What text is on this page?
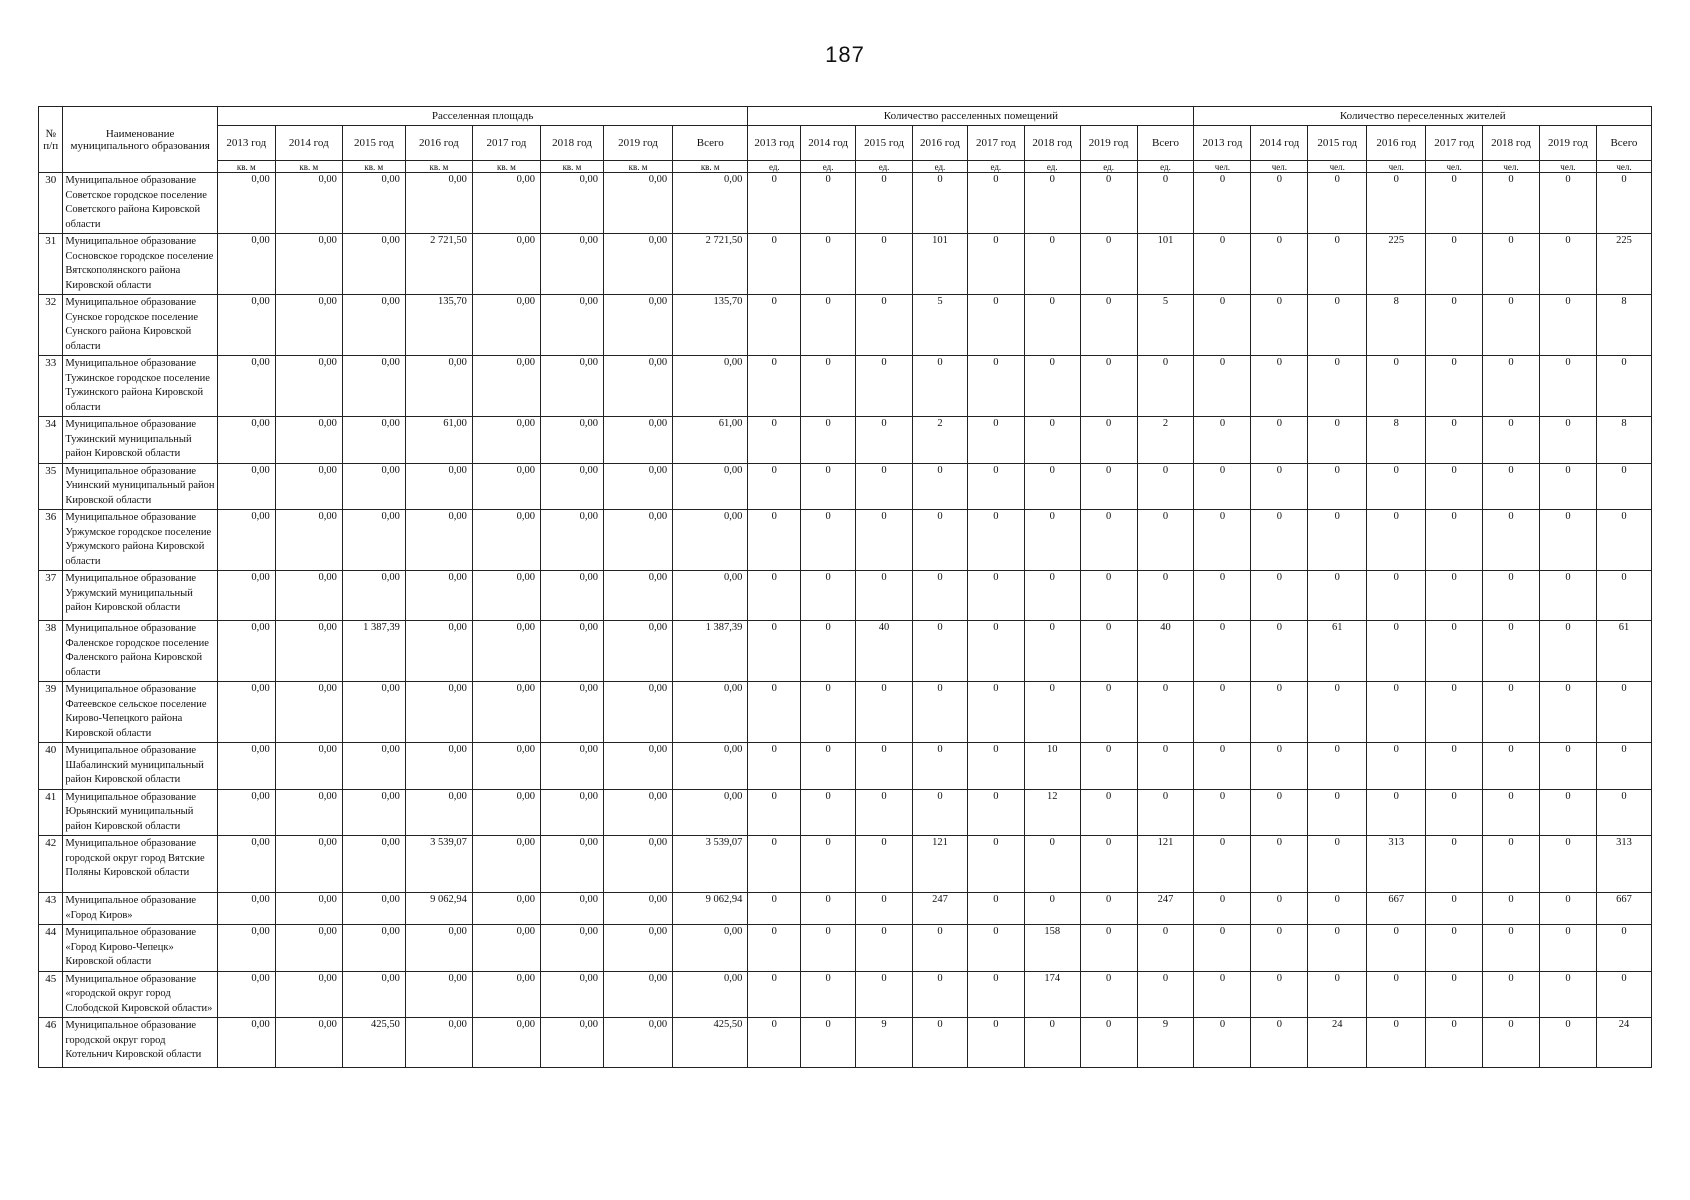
187
№ п/п	Наименование муниципального образования	Расселенная площадь								Количество расселенных помещений								Количество переселенных жителей							
		2013 год	2014 год	2015 год	2016 год	2017 год	2018 год	2019 год	Всего	2013 год	2014 год	2015 год	2016 год	2017 год	2018 год	2019 год	Всего	2013 год	2014 год	2015 год	2016 год	2017 год	2018 год	2019 год	Всего
		кв. м	кв. м	кв. м	кв. м	кв. м	кв. м	кв. м	кв. м	ед.	ед.	ед.	ед.	ед.	ед.	ед.	ед.	чел.	чел.	чел.	чел.	чел.	чел.	чел.	чел.
30	Муниципальное образование Советское городское поселение Советского района Кировской области	0,00	0,00	0,00	0,00	0,00	0,00	0,00	0,00	0	0	0	0	0	0	0	0	0	0	0	0	0	0	0	0
31	Муниципальное образование Сосновское городское поселение Вятскополянского района Кировской области	0,00	0,00	0,00	2 721,50	0,00	0,00	0,00	2 721,50	0	0	0	101	0	0	0	101	0	0	0	225	0	0	0	225
32	Муниципальное образование Сунское городское поселение Сунского района Кировской области	0,00	0,00	0,00	135,70	0,00	0,00	0,00	135,70	0	0	0	5	0	0	0	5	0	0	0	8	0	0	0	8
33	Муниципальное образование Тужинское городское поселение Тужинского района Кировской области	0,00	0,00	0,00	0,00	0,00	0,00	0,00	0,00	0	0	0	0	0	0	0	0	0	0	0	0	0	0	0	0
34	Муниципальное образование Тужинский муниципальный район Кировской области	0,00	0,00	0,00	61,00	0,00	0,00	0,00	61,00	0	0	0	2	0	0	0	2	0	0	0	8	0	0	0	8
35	Муниципальное образование Унинский муниципальный район Кировской области	0,00	0,00	0,00	0,00	0,00	0,00	0,00	0,00	0	0	0	0	0	0	0	0	0	0	0	0	0	0	0	0
36	Муниципальное образование Уржумское городское поселение Уржумского района Кировской области	0,00	0,00	0,00	0,00	0,00	0,00	0,00	0,00	0	0	0	0	0	0	0	0	0	0	0	0	0	0	0	0
37	Муниципальное образование Уржумский муниципальный район Кировской области	0,00	0,00	0,00	0,00	0,00	0,00	0,00	0,00	0	0	0	0	0	0	0	0	0	0	0	0	0	0	0	0
38	Муниципальное образование Фаленское городское поселение Фаленского района Кировской области	0,00	0,00	1 387,39	0,00	0,00	0,00	0,00	1 387,39	0	0	40	0	0	0	0	40	0	0	61	0	0	0	0	61
39	Муниципальное образование Фатеевское сельское поселение Кирово-Чепецкого района Кировской области	0,00	0,00	0,00	0,00	0,00	0,00	0,00	0,00	0	0	0	0	0	0	0	0	0	0	0	0	0	0	0	0
40	Муниципальное образование Шабалинский муниципальный район Кировской области	0,00	0,00	0,00	0,00	0,00	0,00	0,00	0,00	0	0	0	0	0	10	0	0	0	0	0	0	0	0	0	0
41	Муниципальное образование Юрьянский муниципальный район Кировской области	0,00	0,00	0,00	0,00	0,00	0,00	0,00	0,00	0	0	0	0	0	12	0	0	0	0	0	0	0	0	0	0
42	Муниципальное образование городской округ город Вятские Поляны Кировской области	0,00	0,00	0,00	3 539,07	0,00	0,00	0,00	3 539,07	0	0	0	121	0	0	0	121	0	0	0	313	0	0	0	313
43	Муниципальное образование «Город Киров»	0,00	0,00	0,00	9 062,94	0,00	0,00	0,00	9 062,94	0	0	0	247	0	0	0	247	0	0	0	667	0	0	0	667
44	Муниципальное образование «Город Кирово-Чепецк» Кировской области	0,00	0,00	0,00	0,00	0,00	0,00	0,00	0,00	0	0	0	0	0	158	0	0	0	0	0	0	0	0	0	0
45	Муниципальное образование «городской округ город Слободской Кировской области»	0,00	0,00	0,00	0,00	0,00	0,00	0,00	0,00	0	0	0	0	0	174	0	0	0	0	0	0	0	0	0	0
46	Муниципальное образование городской округ город Котельнич Кировской области	0,00	0,00	425,50	0,00	0,00	0,00	0,00	425,50	0	0	9	0	0	0	0	9	0	0	24	0	0	0	0	24
